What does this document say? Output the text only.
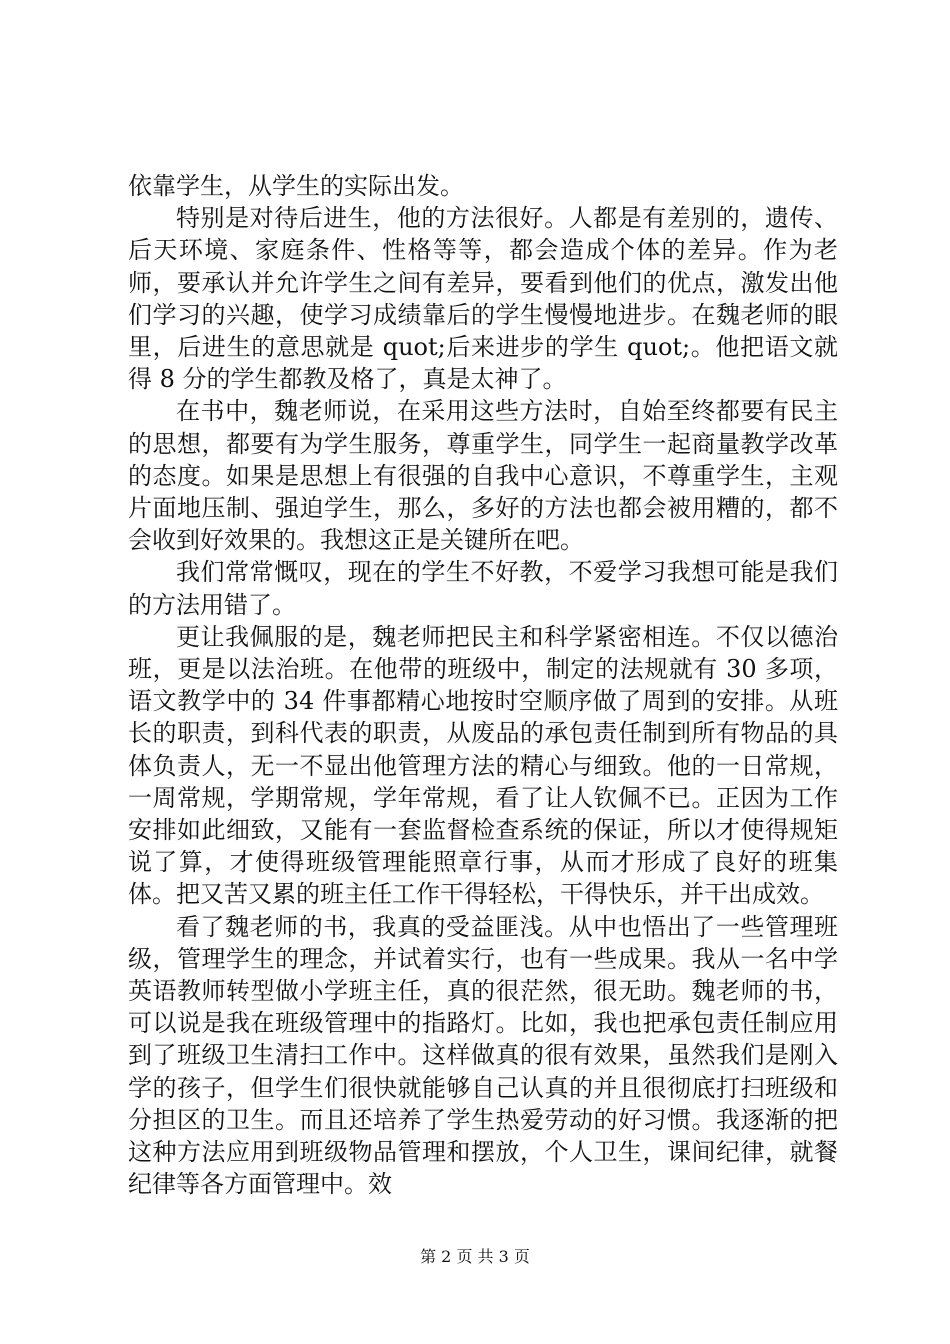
依靠学生，从学生的实际出发。

特别是对待后进生，他的方法很好。人都是有差别的，遗传、后天环境、家庭条件、性格等等，都会造成个体的差异。作为老师，要承认并允许学生之间有差异，要看到他们的优点，激发出他们学习的兴趣，使学习成绩靠后的学生慢慢地进步。在魏老师的眼里，后进生的意思就是 quot;后来进步的学生 quot;。他把语文就得 8 分的学生都教及格了，真是太神了。

在书中，魏老师说，在采用这些方法时，自始至终都要有民主的思想，都要有为学生服务，尊重学生，同学生一起商量教学改革的态度。如果是思想上有很强的自我中心意识，不尊重学生，主观片面地压制、强迫学生，那么，多好的方法也都会被用糟的，都不会收到好效果的。我想这正是关键所在吧。

我们常常慨叹，现在的学生不好教，不爱学习我想可能是我们的方法用错了。

更让我佩服的是，魏老师把民主和科学紧密相连。不仅以德治班，更是以法治班。在他带的班级中，制定的法规就有 30 多项，语文教学中的 34 件事都精心地按时空顺序做了周到的安排。从班长的职责，到科代表的职责，从废品的承包责任制到所有物品的具体负责人，无一不显出他管理方法的精心与细致。他的一日常规，一周常规，学期常规，学年常规，看了让人钦佩不已。正因为工作安排如此细致，又能有一套监督检查系统的保证，所以才使得规矩说了算，才使得班级管理能照章行事，从而才形成了良好的班集体。把又苦又累的班主任工作干得轻松，干得快乐，并干出成效。

看了魏老师的书，我真的受益匪浅。从中也悟出了一些管理班级，管理学生的理念，并试着实行，也有一些成果。我从一名中学英语教师转型做小学班主任，真的很茫然，很无助。魏老师的书，可以说是我在班级管理中的指路灯。比如，我也把承包责任制应用到了班级卫生清扫工作中。这样做真的很有效果，虽然我们是刚入学的孩子，但学生们很快就能够自己认真的并且很彻底打扫班级和分担区的卫生。而且还培养了学生热爱劳动的好习惯。我逐渐的把这种方法应用到班级物品管理和摆放，个人卫生，课间纪律，就餐纪律等各方面管理中。效

第 2 页 共 3 页
